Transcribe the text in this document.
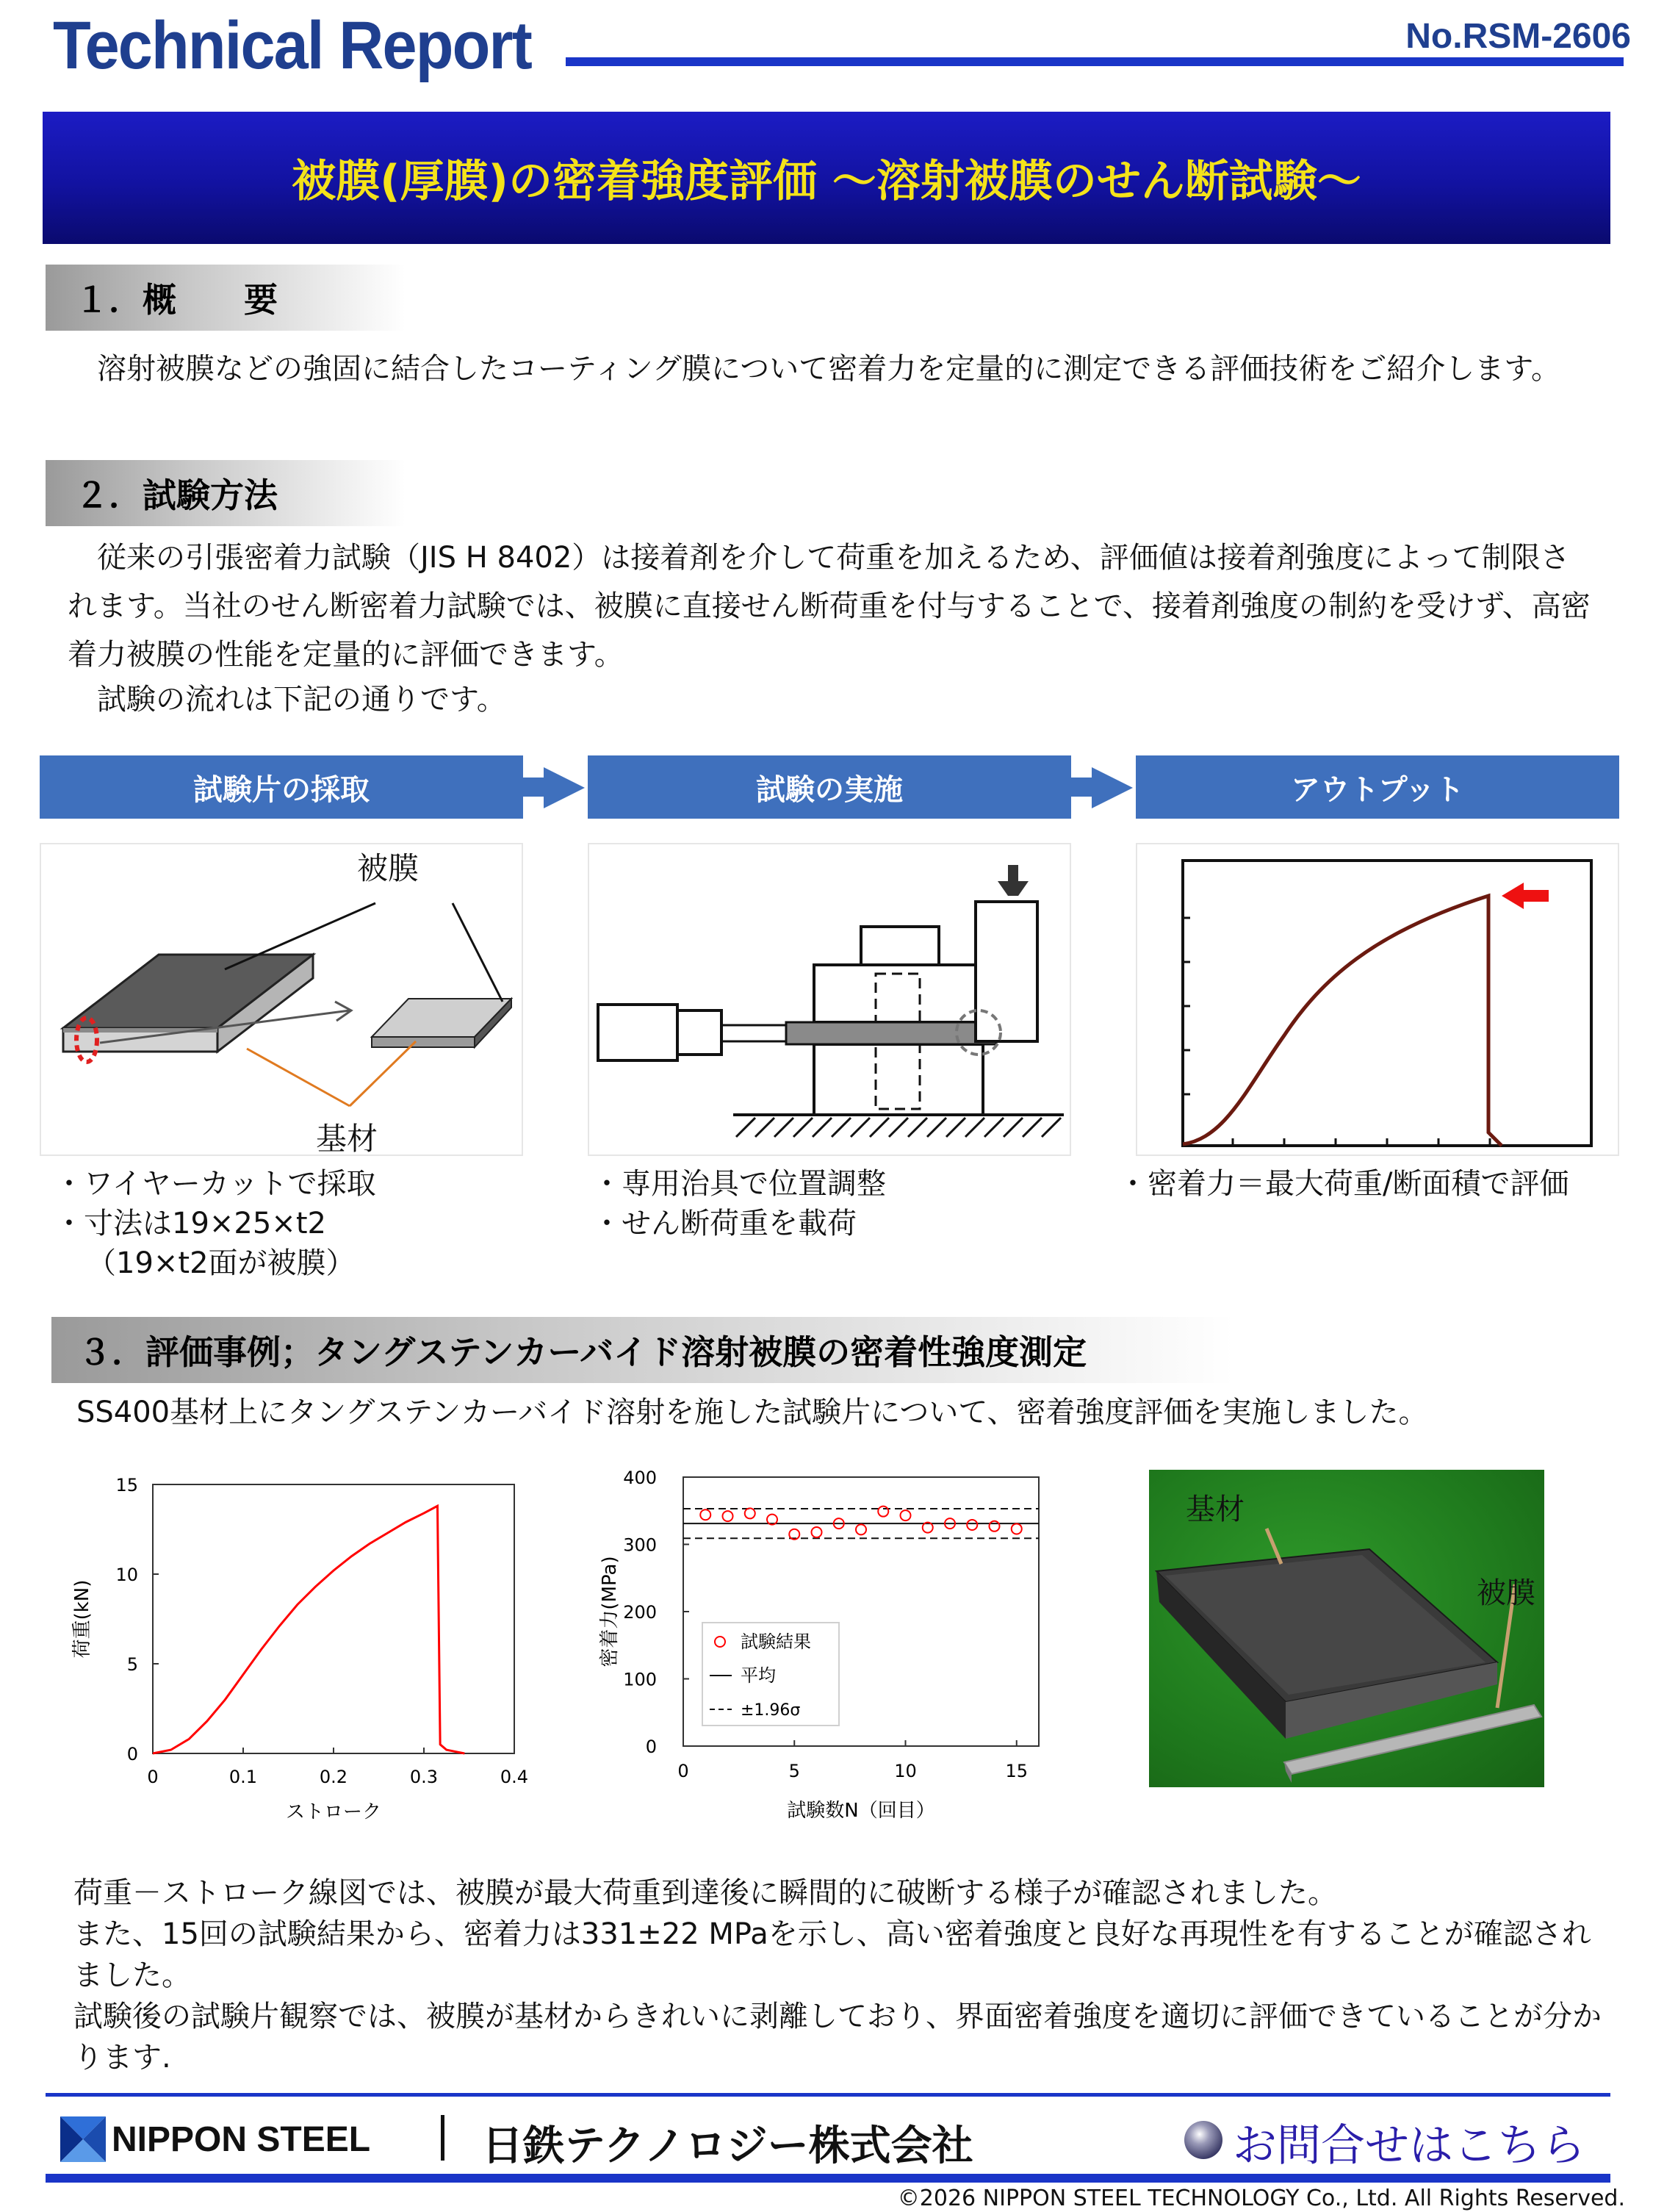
Technical Report	No.RSM-2606
被膜(厚膜)の密着強度評価 ～溶射被膜のせん断試験～
１．概　　要
　溶射被膜などの強固に結合したコーティング膜について密着力を定量的に測定できる評価技術をご紹介します。
２．試験方法
　従来の引張密着力試験（JIS H 8402）は接着剤を介して荷重を加えるため、評価値は接着剤強度によって制限されます。当社のせん断密着力試験では、被膜に直接せん断荷重を付与することで、接着剤強度の制約を受けず、高密着力被膜の性能を定量的に評価できます。
　試験の流れは下記の通りです。
試験片の採取	試験の実施	アウトプット
被膜
基材
・ワイヤーカットで採取
・寸法は19×25×t2
（19×t2面が被膜）
・専用治具で位置調整
・せん断荷重を載荷
・密着力＝最大荷重/断面積で評価
３．評価事例；タングステンカーバイド溶射被膜の密着性強度測定
SS400基材上にタングステンカーバイド溶射を施した試験片について、密着強度評価を実施しました。
0	0.1	0.2	0.3	0.4
0
5
10
15
ストローク
荷重(kN)
0	5	10	15
0
100
200
300
400
試験結果
平均
±1.96σ
試験数N（回目）
密着力(MPa)
基材
被膜
荷重－ストローク線図では、被膜が最大荷重到達後に瞬間的に破断する様子が確認されました。
また、15回の試験結果から、密着力は331±22 MPaを示し、高い密着強度と良好な再現性を有することが確認されました。
試験後の試験片観察では、被膜が基材からきれいに剥離しており、界面密着強度を適切に評価できていることが分かります.
NIPPON STEEL	日鉄テクノロジー株式会社	お問合せはこちら
©2026 NIPPON STEEL TECHNOLOGY Co., Ltd. All Rights Reserved.
